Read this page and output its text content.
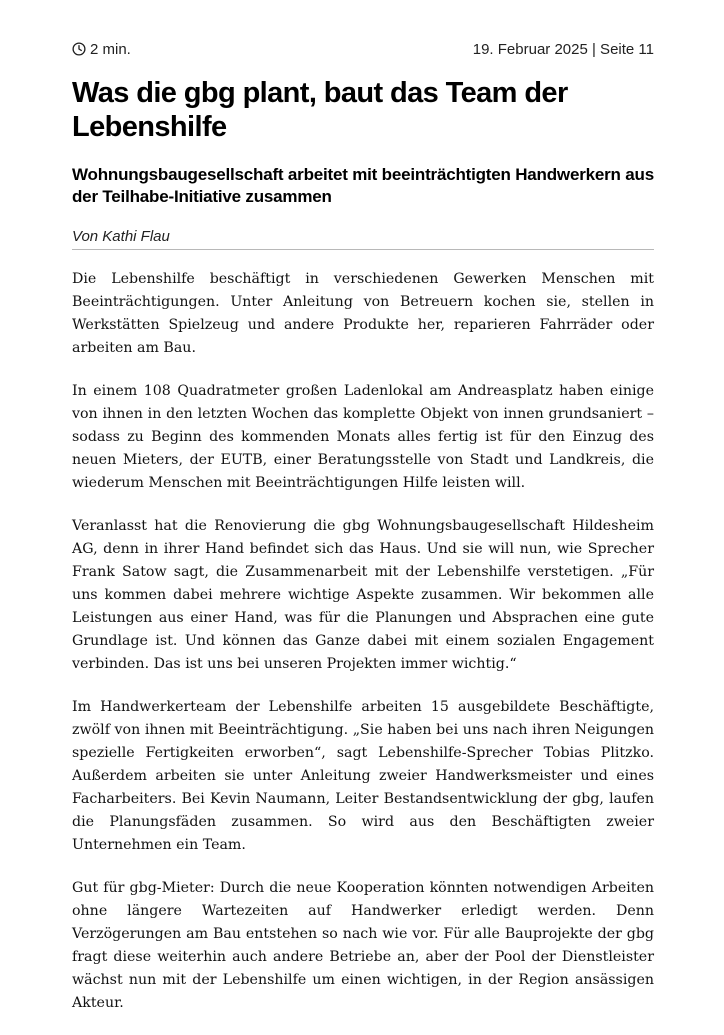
2 min.	19. Februar 2025 | Seite 11
Was die gbg plant, baut das Team der Lebenshilfe
Wohnungsbaugesellschaft arbeitet mit beeinträchtigten Handwerkern aus der Teilhabe-Initiative zusammen
Von Kathi Flau

Die Lebenshilfe beschäftigt in verschiedenen Gewerken Menschen mit Beeinträchtigungen. Unter Anleitung von Betreuern kochen sie, stellen in Werkstätten Spielzeug und andere Produkte her, reparieren Fahrräder oder arbeiten am Bau.

In einem 108 Quadratmeter großen Ladenlokal am Andreasplatz haben einige von ihnen in den letzten Wochen das komplette Objekt von innen grundsaniert – sodass zu Beginn des kommenden Monats alles fertig ist für den Einzug des neuen Mieters, der EUTB, einer Beratungsstelle von Stadt und Landkreis, die wiederum Menschen mit Beeinträchtigungen Hilfe leisten will.

Veranlasst hat die Renovierung die gbg Wohnungsbaugesellschaft Hildesheim AG, denn in ihrer Hand befindet sich das Haus. Und sie will nun, wie Sprecher Frank Satow sagt, die Zusammenarbeit mit der Lebenshilfe verstetigen. „Für uns kommen dabei mehrere wichtige Aspekte zusammen. Wir bekommen alle Leistungen aus einer Hand, was für die Planungen und Absprachen eine gute Grundlage ist. Und können das Ganze dabei mit einem sozialen Engagement verbinden. Das ist uns bei unseren Projekten immer wichtig.“

Im Handwerkerteam der Lebenshilfe arbeiten 15 ausgebildete Beschäftigte, zwölf von ihnen mit Beeinträchtigung. „Sie haben bei uns nach ihren Neigungen spezielle Fertigkeiten erworben“, sagt Lebenshilfe-Sprecher Tobias Plitzko. Außerdem arbeiten sie unter Anleitung zweier Handwerksmeister und eines Facharbeiters. Bei Kevin Naumann, Leiter Bestandsentwicklung der gbg, laufen die Planungsfäden zusammen. So wird aus den Beschäftigten zweier Unternehmen ein Team.

Gut für gbg-Mieter: Durch die neue Kooperation könnten notwendigen Arbeiten ohne längere Wartezeiten auf Handwerker erledigt werden. Denn Verzögerungen am Bau entstehen so nach wie vor. Für alle Bauprojekte der gbg fragt diese weiterhin auch andere Betriebe an, aber der Pool der Dienstleister wächst nun mit der Lebenshilfe um einen wichtigen, in der Region ansässigen Akteur.
